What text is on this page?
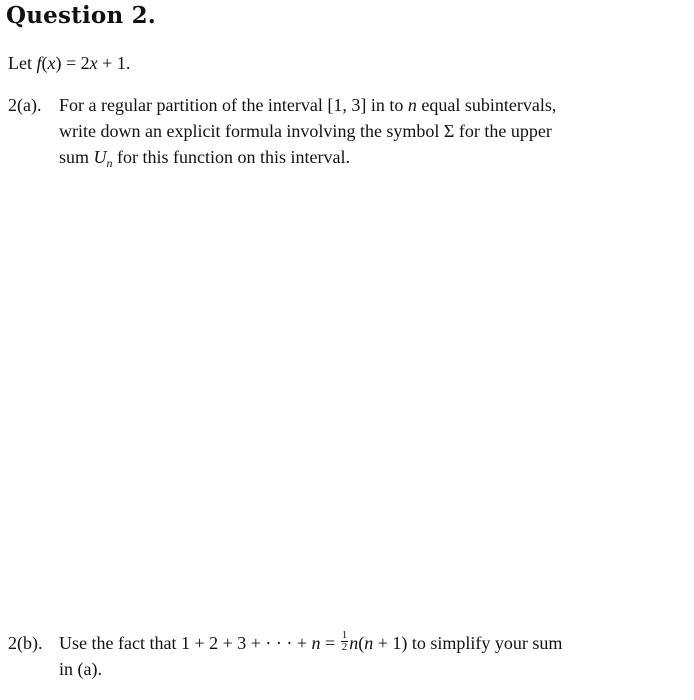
Question 2.
Let f(x) = 2x + 1.
2(a). For a regular partition of the interval [1, 3] in to n equal subintervals,
write down an explicit formula involving the symbol Σ for the upper
sum $U_n$ for this function on this interval.
2(b). Use the fact that 1 + 2 + 3 + · · · + $n = \frac{1}{2} n(n + 1)$ to simplify your sum
in (a).
